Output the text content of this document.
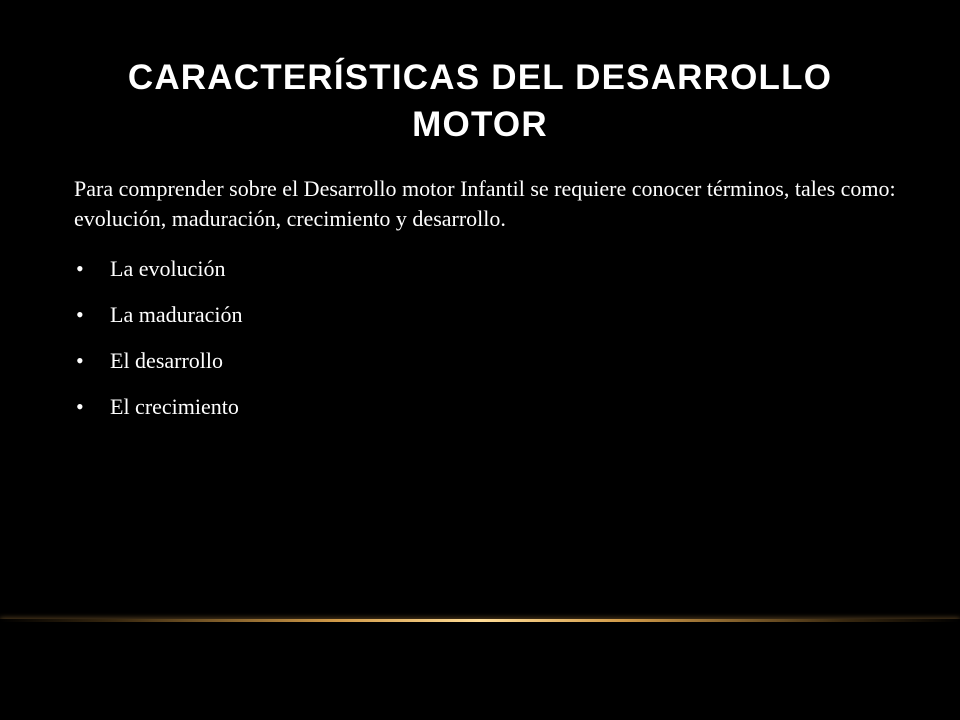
CARACTERÍSTICAS DEL DESARROLLO MOTOR

Para comprender sobre el Desarrollo motor Infantil se requiere conocer términos, tales como: evolución, maduración, crecimiento y desarrollo.

• La evolución
• La maduración
• El desarrollo
• El crecimiento
